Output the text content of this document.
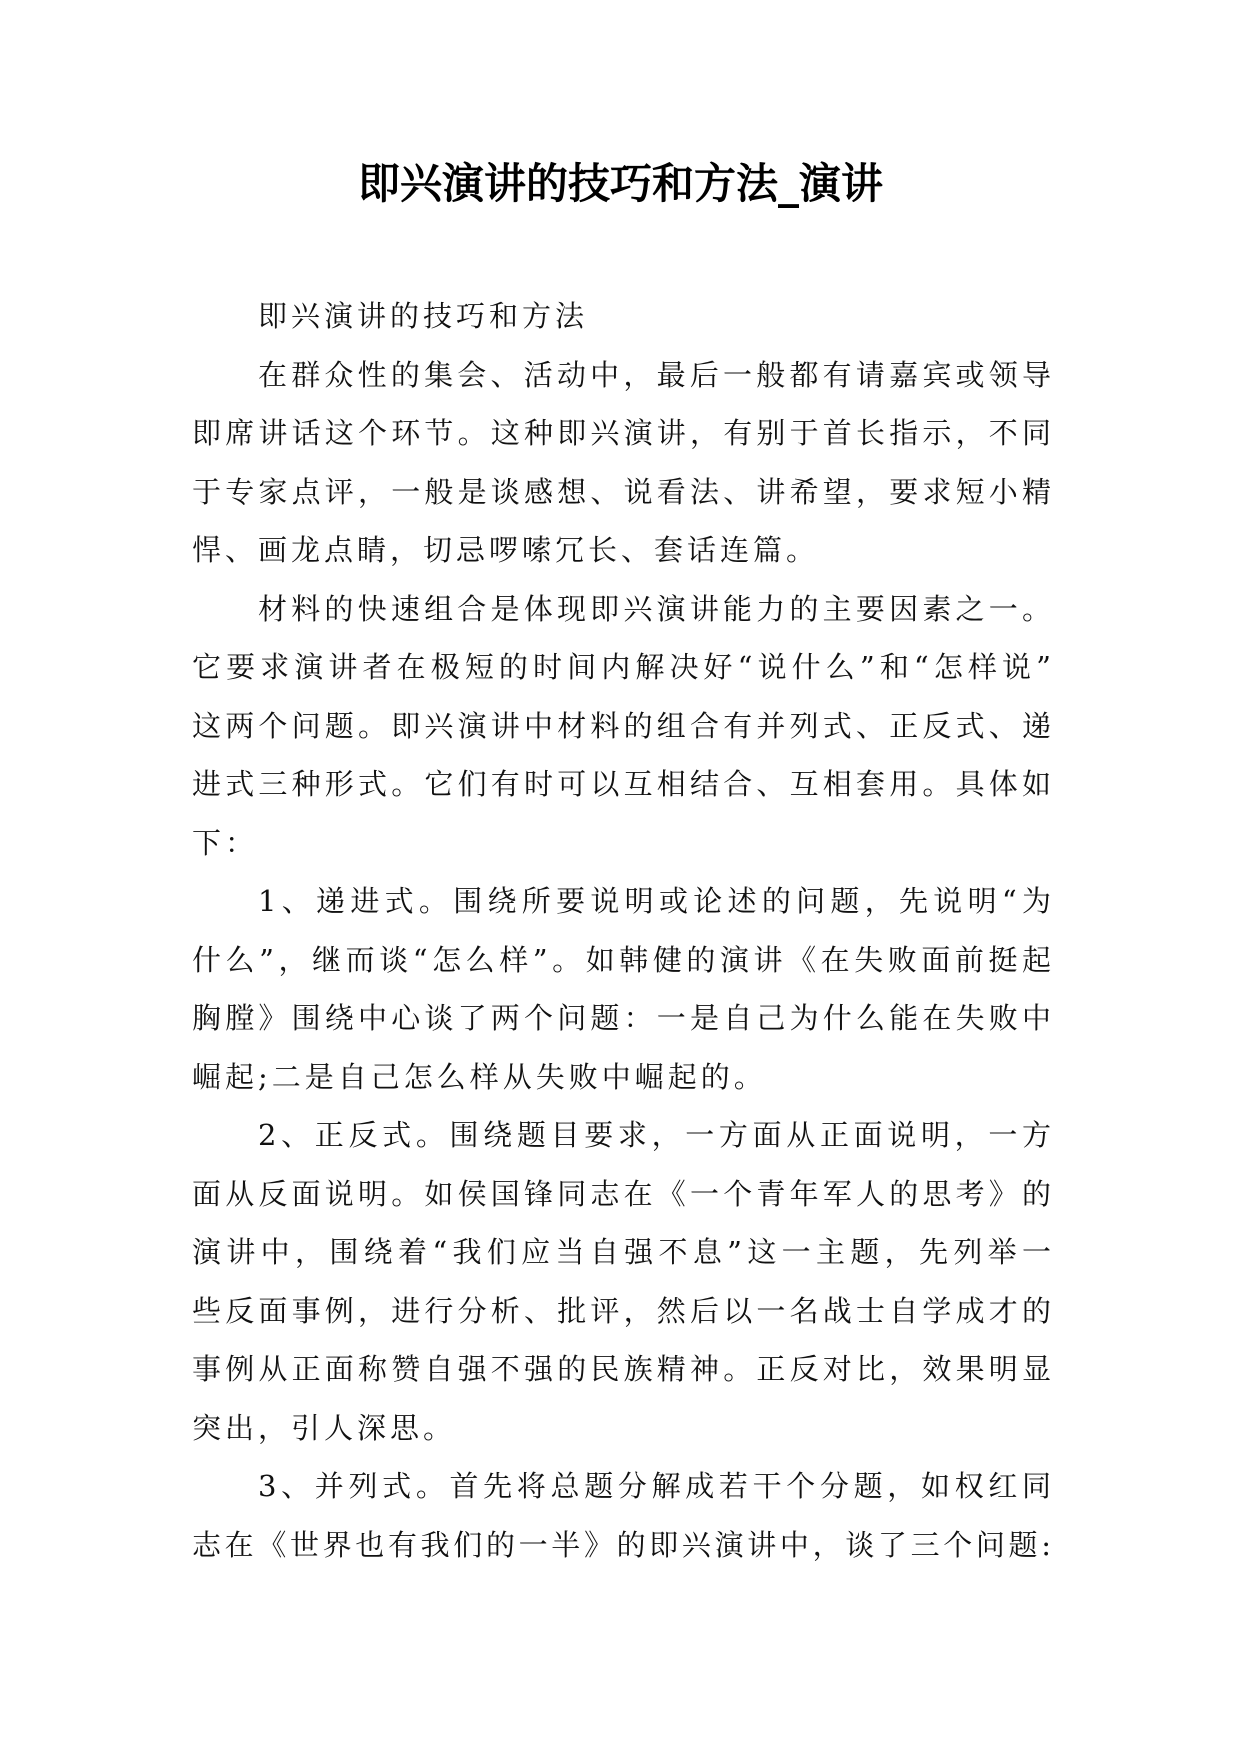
即兴演讲的技巧和方法_演讲
即兴演讲的技巧和方法
在群众性的集会、活动中，最后一般都有请嘉宾或领导
即席讲话这个环节。这种即兴演讲，有别于首长指示，不同
于专家点评，一般是谈感想、说看法、讲希望，要求短小精
悍、画龙点睛，切忌啰嗦冗长、套话连篇。
材料的快速组合是体现即兴演讲能力的主要因素之一。
它要求演讲者在极短的时间内解决好“说什么”和“怎样说”
这两个问题。即兴演讲中材料的组合有并列式、正反式、递
进式三种形式。它们有时可以互相结合、互相套用。具体如
下：
1、递进式。围绕所要说明或论述的问题，先说明“为
什么”，继而谈“怎么样”。如韩健的演讲《在失败面前挺起
胸膛》围绕中心谈了两个问题：一是自己为什么能在失败中
崛起;二是自己怎么样从失败中崛起的。
2、正反式。围绕题目要求，一方面从正面说明，一方
面从反面说明。如侯国锋同志在《一个青年军人的思考》的
演讲中，围绕着“我们应当自强不息”这一主题，先列举一
些反面事例，进行分析、批评，然后以一名战士自学成才的
事例从正面称赞自强不强的民族精神。正反对比，效果明显
突出，引人深思。
3、并列式。首先将总题分解成若干个分题，如权红同
志在《世界也有我们的一半》的即兴演讲中，谈了三个问题:
